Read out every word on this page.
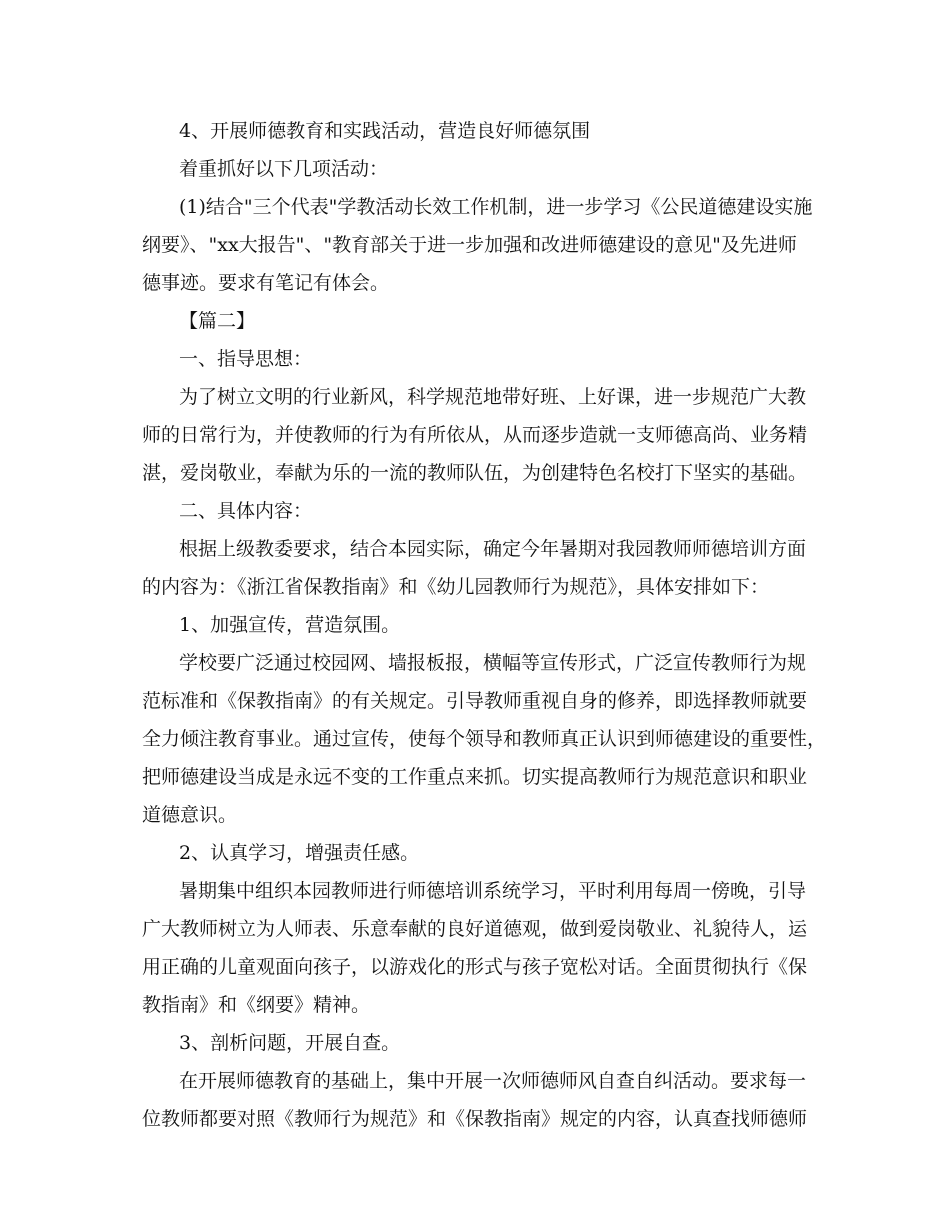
4、开展师德教育和实践活动，营造良好师德氛围
着重抓好以下几项活动：
(1)结合"三个代表"学教活动长效工作机制，进一步学习《公民道德建设实施
纲要》、"xx大报告"、"教育部关于进一步加强和改进师德建设的意见"及先进师
德事迹。要求有笔记有体会。
【篇二】
一、指导思想：
为了树立文明的行业新风，科学规范地带好班、上好课，进一步规范广大教
师的日常行为，并使教师的行为有所依从，从而逐步造就一支师德高尚、业务精
湛，爱岗敬业，奉献为乐的一流的教师队伍，为创建特色名校打下坚实的基础。
二、具体内容：
根据上级教委要求，结合本园实际，确定今年暑期对我园教师师德培训方面
的内容为：《浙江省保教指南》和《幼儿园教师行为规范》，具体安排如下：
1、加强宣传，营造氛围。
学校要广泛通过校园网、墙报板报，横幅等宣传形式，广泛宣传教师行为规
范标准和《保教指南》的有关规定。引导教师重视自身的修养，即选择教师就要
全力倾注教育事业。通过宣传，使每个领导和教师真正认识到师德建设的重要性，
把师德建设当成是永远不变的工作重点来抓。切实提高教师行为规范意识和职业
道德意识。
2、认真学习，增强责任感。
暑期集中组织本园教师进行师德培训系统学习，平时利用每周一傍晚，引导
广大教师树立为人师表、乐意奉献的良好道德观，做到爱岗敬业、礼貌待人，运
用正确的儿童观面向孩子，以游戏化的形式与孩子宽松对话。全面贯彻执行《保
教指南》和《纲要》精神。
3、剖析问题，开展自查。
在开展师德教育的基础上，集中开展一次师德师风自查自纠活动。要求每一
位教师都要对照《教师行为规范》和《保教指南》规定的内容，认真查找师德师
